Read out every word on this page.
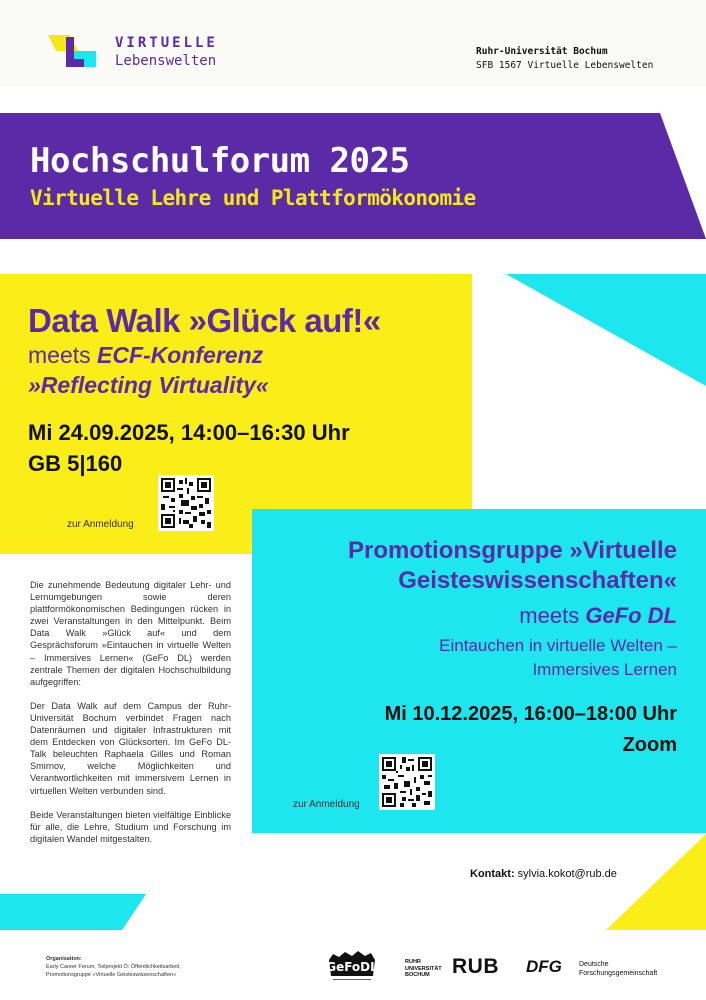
VIRTUELLE
Lebenswelten
Ruhr-Universität Bochum
SFB 1567 Virtuelle Lebenswelten
Hochschulforum 2025
Virtuelle Lehre und Plattformökonomie
Data Walk »Glück auf!«
meets ECF-Konferenz
»Reflecting Virtuality«
Mi 24.09.2025, 14:00–16:30 Uhr
GB 5|160
zur Anmeldung
Promotionsgruppe »Virtuelle
Geisteswissenschaften«
meets GeFo DL
Eintauchen in virtuelle Welten –
Immersives Lernen
Mi 10.12.2025, 16:00–18:00 Uhr
Zoom
zur Anmeldung

Die zunehmende Bedeutung digitaler Lehr- und Lernumgebungen sowie deren plattformökonomischen Bedingungen rücken in zwei Veranstaltungen in den Mittelpunkt. Beim Data Walk »Glück auf« und dem Gesprächsforum »Eintauchen in virtuelle Welten – Immersives Lernen« (GeFo DL) werden zentrale Themen der digitalen Hochschulbildung aufgegriffen:

Der Data Walk auf dem Campus der Ruhr-Universität Bochum verbindet Fragen nach Datenräumen und digitaler Infrastrukturen mit dem Entdecken von Glücksorten. Im GeFo DL-Talk beleuchten Raphaela Gilles und Roman Smirnov, welche Möglichkeiten und Verantwortlichkeiten mit immersivem Lernen in virtuellen Welten verbunden sind.

Beide Veranstaltungen bieten vielfältige Einblicke für alle, die Lehre, Studium und Forschung im digitalen Wandel mitgestalten.

Kontakt: sylvia.kokot@rub.de
Organisation:
Early Career Forum, Teilprojekt Ö: Öffentlichkeitsarbeit,
Promotionsgruppe »Virtuelle Geisteswissenschaften«
GeFoDL	RUHR
UNIVERSITÄT
BOCHUM	RUB DFG Deutsche
Forschungsgemeinschaft
